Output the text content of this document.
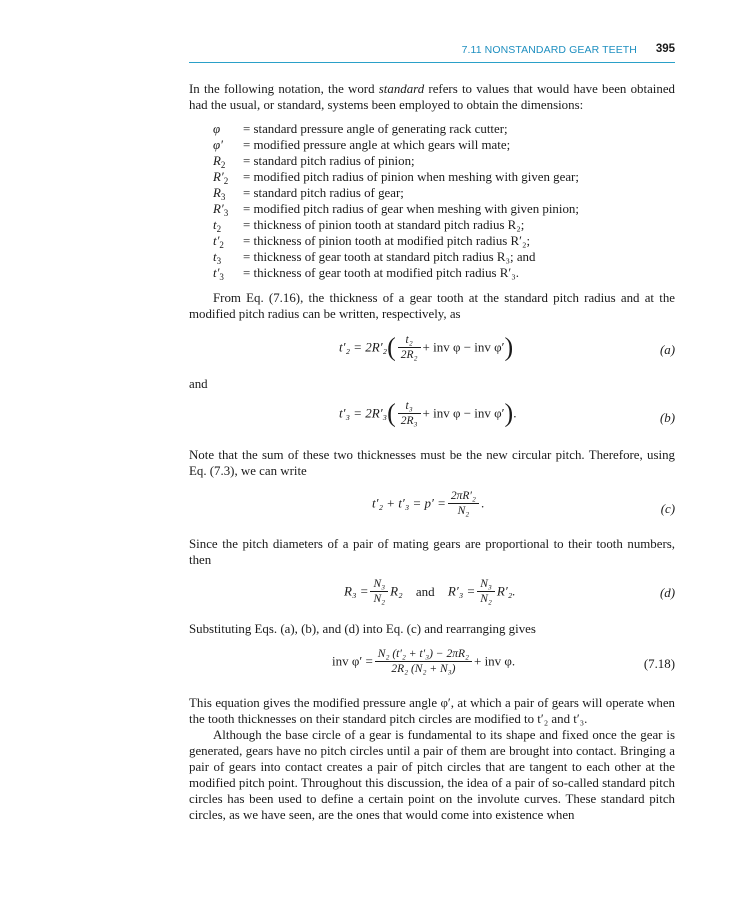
7.11 NONSTANDARD GEAR TEETH 395

In the following notation, the word standard refers to values that would have been obtained had the usual, or standard, systems been employed to obtain the dimensions:

φ = standard pressure angle of generating rack cutter;
φ′ = modified pressure angle at which gears will mate;
$R_2$ = standard pitch radius of pinion;
$R'_2$ = modified pitch radius of pinion when meshing with given gear;
$R_3$ = standard pitch radius of gear;
$R'_3$ = modified pitch radius of gear when meshing with given pinion;
$t_2$ = thickness of pinion tooth at standard pitch radius R₂;
$t'_2$ = thickness of pinion tooth at modified pitch radius R′₂;
$t_3$ = thickness of gear tooth at standard pitch radius R₃; and
$t'_3$ = thickness of gear tooth at modified pitch radius R′₃.

From Eq. (7.16), the thickness of a gear tooth at the standard pitch radius and at the modified pitch radius can be written, respectively, as

$t'_2 = 2R'_2( \frac{\text{t₂}}{\text{2R₂}}$ + inv φ − inv φ′)	(a)

and

$t'_3 = 2R'_3( \frac{\text{t₃}}{\text{2R₃}}$ + inv φ − inv φ′).	(b)

Note that the sum of these two thicknesses must be the new circular pitch. Therefore, using Eq. (7.3), we can write

$t'_2 + t'_3 = p' = \frac{\text{2πR′₂}}{\text{N₂}}$ .	(c)

Since the pitch diameters of a pair of mating gears are proportional to their tooth numbers, then

$R_3 = \frac{\text{N₃}}{\text{N₂}} R_2$ and $R'_3 = \frac{\text{N₃}}{\text{N₂}} R'_2$.	(d)

Substituting Eqs. (a), (b), and (d) into Eq. (c) and rearranging gives

inv $\varphi' = \frac{\text{N₂ (t′₂ + t′₃) − 2πR₂}}{\text{2R₂ (N₂ + N₃)}}$ + inv φ.	(7.18)

This equation gives the modified pressure angle φ′, at which a pair of gears will operate when the tooth thicknesses on their standard pitch circles are modified to t′₂ and t′₃.

Although the base circle of a gear is fundamental to its shape and fixed once the gear is generated, gears have no pitch circles until a pair of them are brought into contact. Bringing a pair of gears into contact creates a pair of pitch circles that are tangent to each other at the modified pitch point. Throughout this discussion, the idea of a pair of so-called standard pitch circles has been used to define a certain point on the involute curves. These standard pitch circles, as we have seen, are the ones that would come into existence when
